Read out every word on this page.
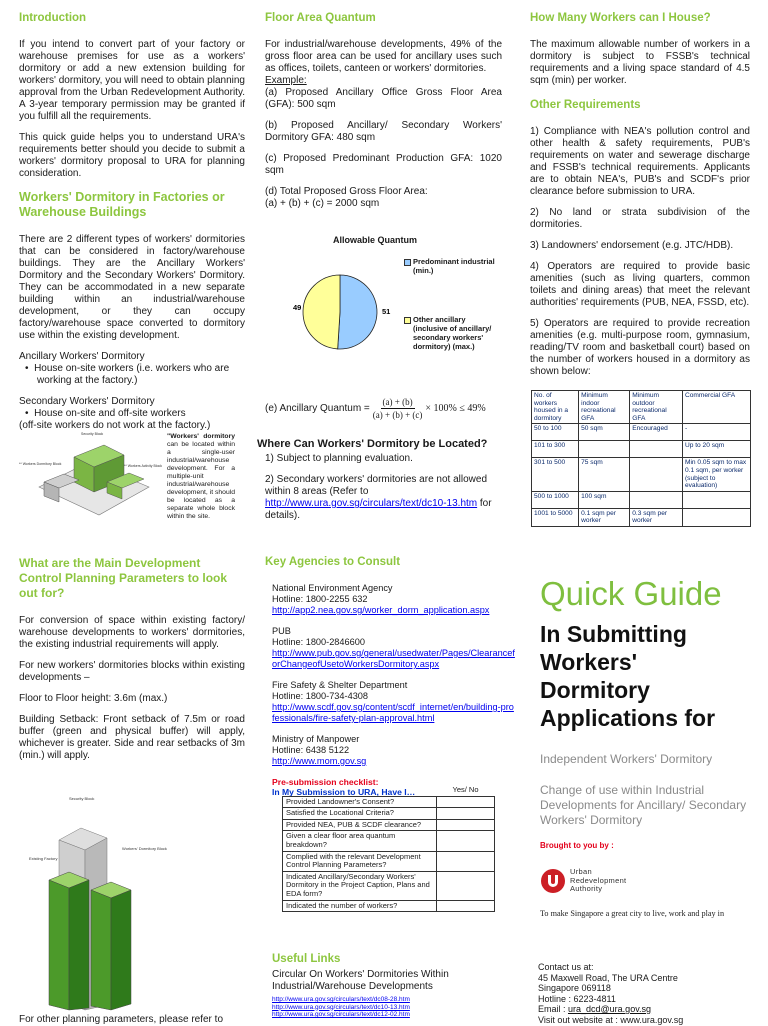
Introduction

If you intend to convert part of your factory or warehouse premises for use as a workers' dormitory or add a new extension building for workers' dormitory, you will need to obtain planning approval from the Urban Redevelopment Authority. A 3-year temporary permission may be granted if you fulfill all the requirements.

This quick guide helps you to understand URA's requirements better should you decide to submit a workers' dormitory proposal to URA for planning consideration.

Workers' Dormitory in Factories or Warehouse Buildings

There are 2 different types of workers' dormitories that can be considered in factory/warehouse buildings. They are the Ancillary Workers' Dormitory and the Secondary Workers' Dormitory. They can be accommodated in a new separate building within an industrial/warehouse development, or they can occupy factory/warehouse space converted to dormitory use within the existing development.

Ancillary Workers' Dormitory

•  House on-site workers (i.e. workers who are working at the factory.)

Secondary Workers' Dormitory

•  House on-site and off-site workers

(off-site workers do not work at the factory.)

Security Block
** Workers Dormitory Block	** Workers Activity Block
"Workers' dormitory can be located within a single-user industrial/warehouse development. For a multiple-unit industrial/warehouse development, it should be located as a separate whole block within the site.
What are the Main Development Control Planning Parameters to look out for?

For conversion of space within existing factory/ warehouse developments to workers' dormitories, the existing industrial requirements will apply.

For new workers' dormitories blocks within existing developments –

Floor to Floor height: 3.6m (max.)

Building Setback: Front setback of 7.5m or road buffer (green and physical buffer) will apply, whichever is greater. Side and rear setbacks of 3m (min.) will apply.

Security Block
Existing Factory
Workers' Dormitory Block

For other planning parameters, please refer to

Floor Area Quantum

For industrial/warehouse developments, 49% of the gross floor area can be used for ancillary uses such as offices, toilets, canteen or workers' dormitories.
Example:

(a) Proposed Ancillary Office Gross Floor Area (GFA): 500 sqm

(b) Proposed Ancillary/ Secondary Workers' Dormitory GFA: 480 sqm

(c) Proposed Predominant Production GFA: 1020 sqm

(d) Total Proposed Gross Floor Area:

(a) + (b) + (c) = 2000 sqm

Allowable Quantum
49	51
Predominant industrial (min.)
Other ancillary (inclusive of ancillary/ secondary workers' dormitory) (max.)
(e) Ancillary Quantum = $\frac{(a) + (b)}{(a) + (b) + (c)} \times 100\% \le 49\%$
Where Can Workers' Dormitory be Located?

1) Subject to planning evaluation.

2) Secondary workers' dormitories are not allowed within 8 areas (Refer to http://www.ura.gov.sg/circulars/text/dc10-13.htm for details).

Key Agencies to Consult
National Environment Agency
Hotline: 1800-2255 632
http://app2.nea.gov.sg/worker_dorm_application.aspx
PUB
Hotline: 1800-2846600
http://www.pub.gov.sg/general/usedwater/Pages/ClearanceforChangeofUsetoWorkersDormitory.aspx
Fire Safety & Shelter Department
Hotline: 1800-734-4308
http://www.scdf.gov.sg/content/scdf_internet/en/building-professionals/fire-safety-plan-approval.html
Ministry of Manpower
Hotline: 6438 5122
http://www.mom.gov.sg
Pre-submission checklist:
In My Submission to URA, Have I…
		Yes/ No
Provided Landowner's Consent?	
Satisfied the Locational Criteria?	
Provided NEA, PUB & SCDF clearance?	
Given a clear floor area quantum breakdown?	
Complied with the relevant Development Control Planning Parameters?	
Indicated Ancillary/Secondary Workers' Dormitory in the Project Caption, Plans and EDA form?	
Indicated the number of workers?	
Useful Links
Circular On Workers' Dormitories Within Industrial/Warehouse Developments
http://www.ura.gov.sg/circulars/text/dc08-28.htm
http://www.ura.gov.sg/circulars/text/dc10-13.htm
http://www.ura.gov.sg/circulars/text/dc12-02.htm
How Many Workers can I House?

The maximum allowable number of workers in a dormitory is subject to FSSB's technical requirements and a living space standard of 4.5 sqm (min) per worker.

Other Requirements

1) Compliance with NEA's pollution control and other health & safety requirements, PUB's requirements on water and sewerage discharge and FSSB's technical requirements. Applicants are to obtain NEA's, PUB's and SCDF's prior clearance before submission to URA.

2) No land or strata subdivision of the dormitories.

3) Landowners' endorsement (e.g. JTC/HDB).

4) Operators are required to provide basic amenities (such as living quarters, common toilets and dining areas) that meet the relevant authorities' requirements (PUB, NEA, FSSD, etc).

5) Operators are required to provide recreation amenities (e.g. multi-purpose room, gymnasium, reading/TV room and basketball court) based on the number of workers housed in a dormitory as shown below:

No. of workers housed in a dormitory	Minimum indoor recreational GFA	Minimum outdoor recreational GFA	Commercial GFA
50 to 100	50 sqm	Encouraged	-
101 to 300			Up to 20 sqm
301 to 500	75 sqm		Min 0.05 sqm to max 0.1 sqm, per worker (subject to evaluation)
500 to 1000	100 sqm		
1001 to 5000	0.1 sqm per worker	0.3 sqm per worker	
Quick Guide
In Submitting
Workers'
Dormitory
Applications for
Independent Workers' Dormitory
Change of use within Industrial Developments for Ancillary/ Secondary Workers' Dormitory
Brought to you by :
Urban
Redevelopment
Authority
To make Singapore a great city to live, work and play in
Contact us at:
45 Maxwell Road, The URA Centre
Singapore 069118
Hotline : 6223-4811
Email : ura_dcd@ura.gov.sg
Visit out website at : www.ura.gov.sg
